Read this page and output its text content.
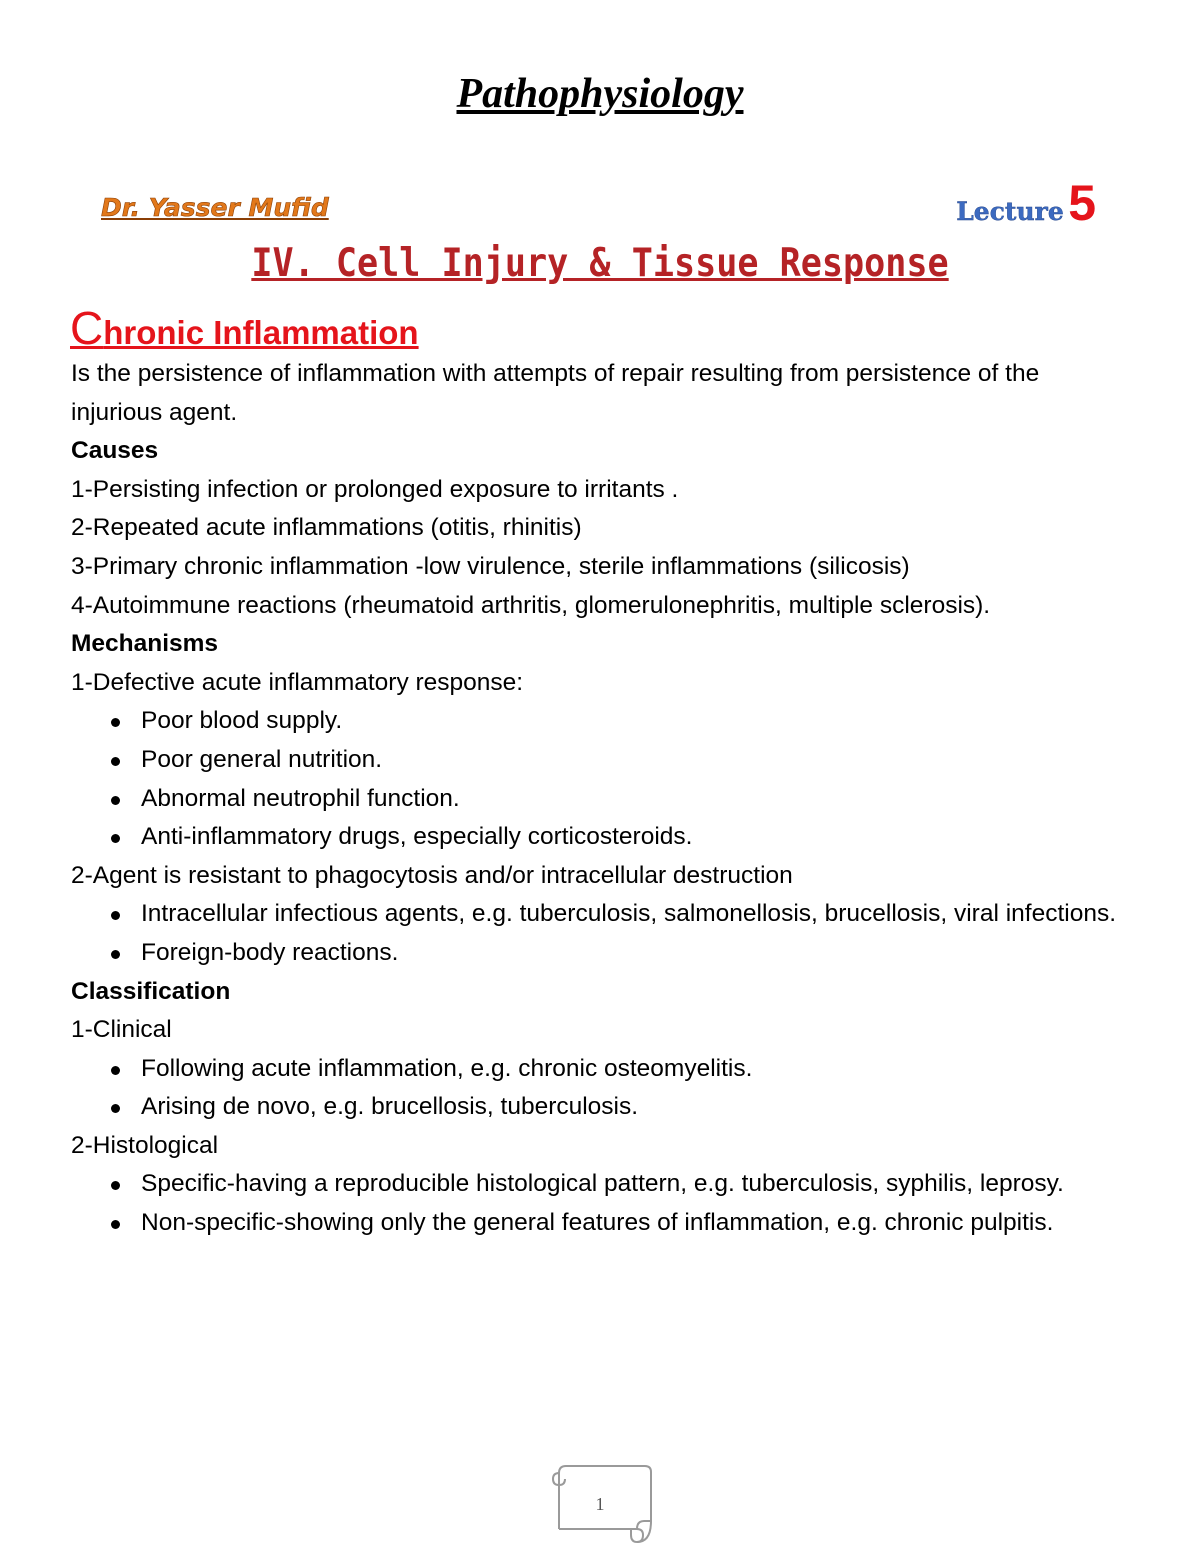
Pathophysiology
Dr. Yasser Mufid	Lecture 5
IV. Cell Injury & Tissue Response
Chronic Inflammation

Is the persistence of inflammation with attempts of repair resulting from persistence of the injurious agent.

Causes

1-Persisting infection or prolonged exposure to irritants .

2-Repeated acute inflammations (otitis, rhinitis)

3-Primary chronic inflammation -low virulence, sterile inflammations (silicosis)

4-Autoimmune reactions (rheumatoid arthritis, glomerulonephritis, multiple sclerosis).

Mechanisms

1-Defective acute inflammatory response:

Poor blood supply.
Poor general nutrition.
Abnormal neutrophil function.
Anti-inflammatory drugs, especially corticosteroids.

2-Agent is resistant to phagocytosis and/or intracellular destruction

Intracellular infectious agents, e.g. tuberculosis, salmonellosis, brucellosis, viral infections.
Foreign-body reactions.

Classification

1-Clinical

Following acute inflammation, e.g. chronic osteomyelitis.
Arising de novo, e.g. brucellosis, tuberculosis.

2-Histological

Specific-having a reproducible histological pattern, e.g. tuberculosis, syphilis, leprosy.
Non-specific-showing only the general features of inflammation, e.g. chronic pulpitis.
1
